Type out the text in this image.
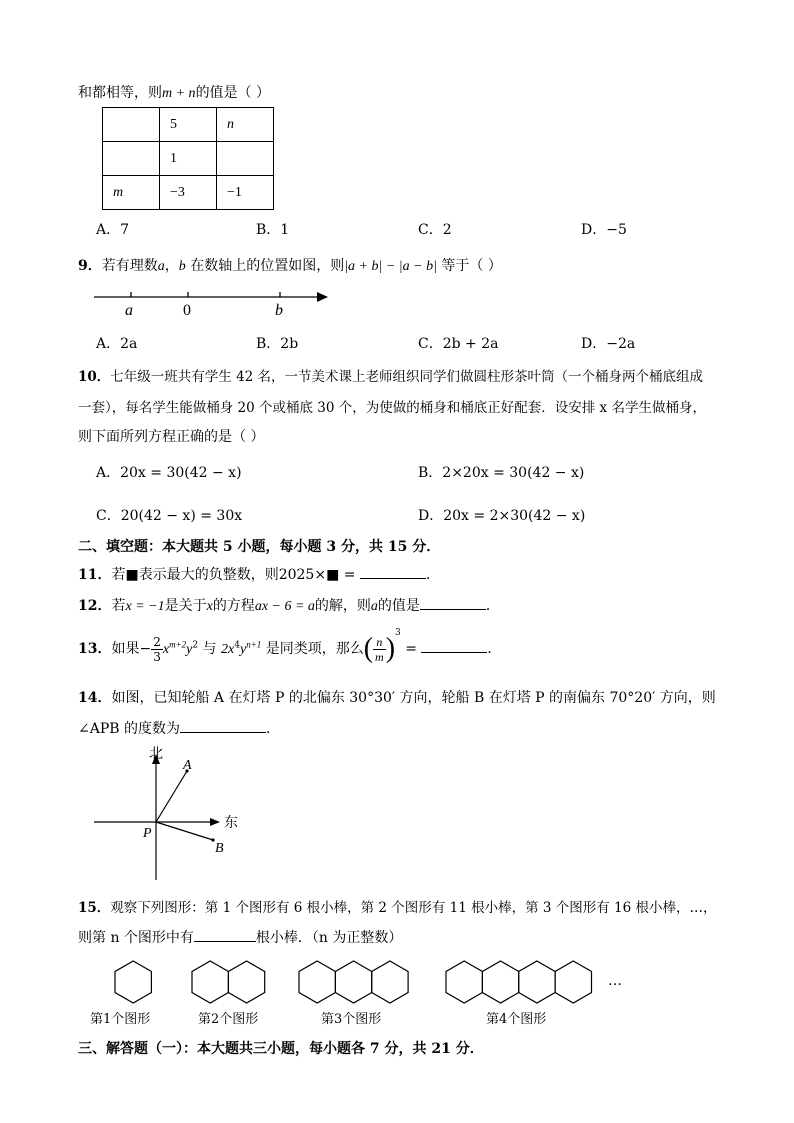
和都相等，则m + n的值是（ ）
	5	n
	1	
m	−3	−1
A．7	B．1	C．2	D．−5
9．若有理数a，b 在数轴上的位置如图，则|a + b| − |a − b| 等于（ ）
a	0	b
A．2a	B．2b	C．2b + 2a	D．−2a
10．七年级一班共有学生 42 名，一节美术课上老师组织同学们做圆柱形茶叶筒（一个桶身两个桶底组成
一套），每名学生能做桶身 20 个或桶底 30 个，为使做的桶身和桶底正好配套．设安排 x 名学生做桶身，
则下面所列方程正确的是（ ）
A．20x = 30(42 − x)	B．2×20x = 30(42 − x)
C．20(42 − x) = 30x	D．20x = 2×30(42 − x)
二、填空题：本大题共 5 小题，每小题 3 分，共 15 分．
11．若■表示最大的负整数，则2025×■ =	．
12．若x = −1是关于x的方程ax − 6 = a的解，则a的值是	．
13．如果− $\frac{2}{3} x^{m+2}y^2$ 与 $2x^4y^{n+1}$ 是同类项，那么( $\frac{n}{m} )^3$ =	．
14．如图，已知轮船 A 在灯塔 P 的北偏东 30°30′ 方向，轮船 B 在灯塔 P 的南偏东 70°20′ 方向，则
∠APB 的度数为	．
北
东
A
B
P
15．观察下列图形：第 1 个图形有 6 根小棒，第 2 个图形有 11 根小棒，第 3 个图形有 16 根小棒，…，
则第 n 个图形中有	根小棒．（n 为正整数）
第1个图形	第2个图形	第3个图形	第4个图形
…
三、解答题（一）：本大题共三小题，每小题各 7 分，共 21 分．
